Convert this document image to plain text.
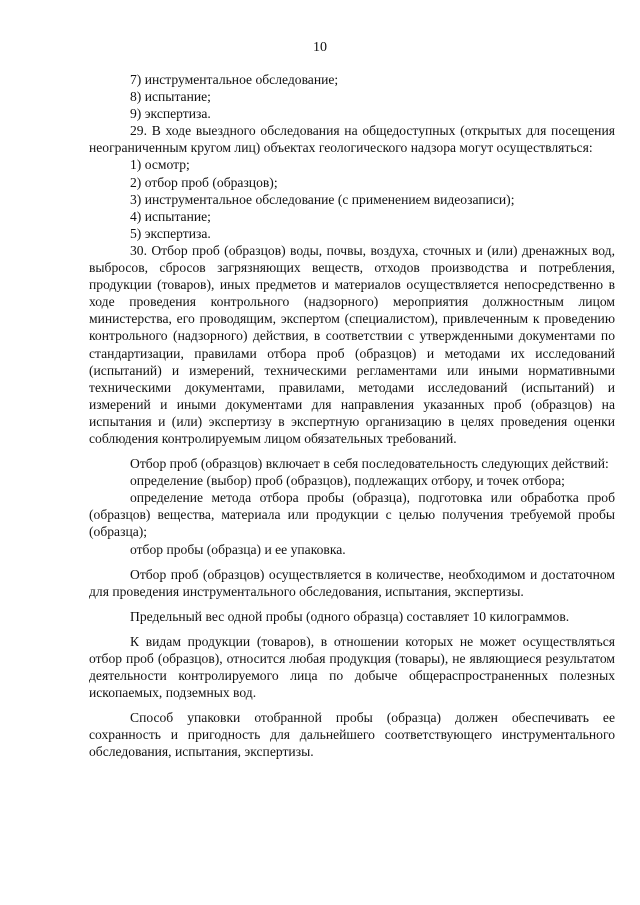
10

7) инструментальное обследование;

8) испытание;

9) экспертиза.

29. В ходе выездного обследования на общедоступных (открытых для посещения неограниченным кругом лиц) объектах геологического надзора могут осуществляться:

1) осмотр;

2) отбор проб (образцов);

3) инструментальное обследование (с применением видеозаписи);

4) испытание;

5) экспертиза.

30. Отбор проб (образцов) воды, почвы, воздуха, сточных и (или) дренажных вод, выбросов, сбросов загрязняющих веществ, отходов производства и потребления, продукции (товаров), иных предметов и материалов осуществляется непосредственно в ходе проведения контрольного (надзорного) мероприятия должностным лицом министерства, его проводящим, экспертом (специалистом), привлеченным к проведению контрольного (надзорного) действия, в соответствии с утвержденными документами по стандартизации, правилами отбора проб (образцов) и методами их исследований (испытаний) и измерений, техническими регламентами или иными нормативными техническими документами, правилами, методами исследований (испытаний) и измерений и иными документами для направления указанных проб (образцов) на испытания и (или) экспертизу в экспертную организацию в целях проведения оценки соблюдения контролируемым лицом обязательных требований.

Отбор проб (образцов) включает в себя последовательность следующих действий:

определение (выбор) проб (образцов), подлежащих отбору, и точек отбора;

определение метода отбора пробы (образца), подготовка или обработка проб (образцов) вещества, материала или продукции с целью получения требуемой пробы (образца);

отбор пробы (образца) и ее упаковка.

Отбор проб (образцов) осуществляется в количестве, необходимом и достаточном для проведения инструментального обследования, испытания, экспертизы.

Предельный вес одной пробы (одного образца) составляет 10 килограммов.

К видам продукции (товаров), в отношении которых не может осуществляться отбор проб (образцов), относится любая продукция (товары), не являющиеся результатом деятельности контролируемого лица по добыче общераспространенных полезных ископаемых, подземных вод.

Способ упаковки отобранной пробы (образца) должен обеспечивать ее сохранность и пригодность для дальнейшего соответствующего инструментального обследования, испытания, экспертизы.
